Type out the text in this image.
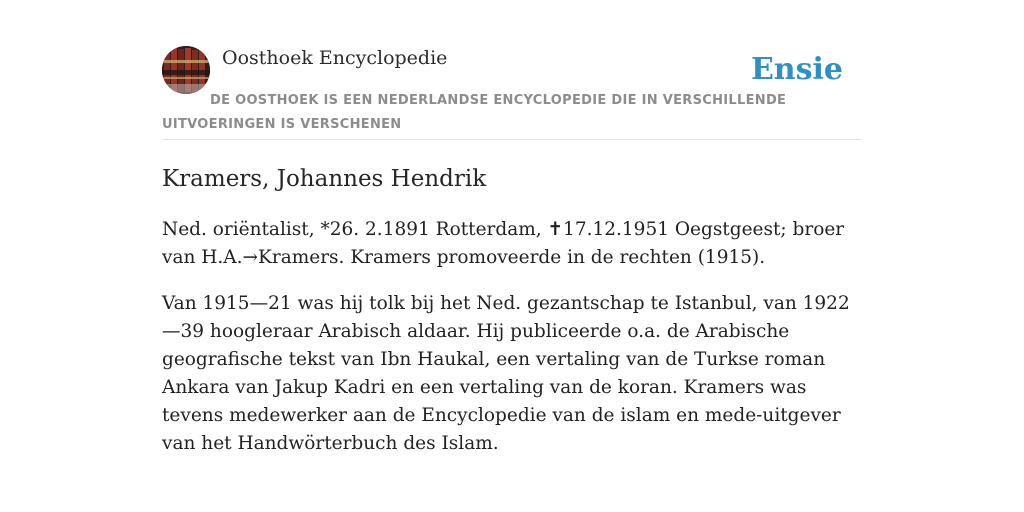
Oosthoek Encyclopedie	Ensie
DE OOSTHOEK IS EEN NEDERLANDSE ENCYCLOPEDIE DIE IN VERSCHILLENDE UITVOERINGEN IS VERSCHENEN
Kramers, Johannes Hendrik

Ned. oriëntalist, *26. 2.1891 Rotterdam, ✝17.12.1951 Oegstgeest; broer van H.A.→Kramers. Kramers promoveerde in de rechten (1915).

Van 1915—21 was hij tolk bij het Ned. gezantschap te Istanbul, van 1922 —39 hoogleraar Arabisch aldaar. Hij publiceerde o.a. de Arabische geografische tekst van Ibn Haukal, een vertaling van de Turkse roman Ankara van Jakup Kadri en een vertaling van de koran. Kramers was tevens medewerker aan de Encyclopedie van de islam en mede-uitgever van het Handwörterbuch des Islam.
